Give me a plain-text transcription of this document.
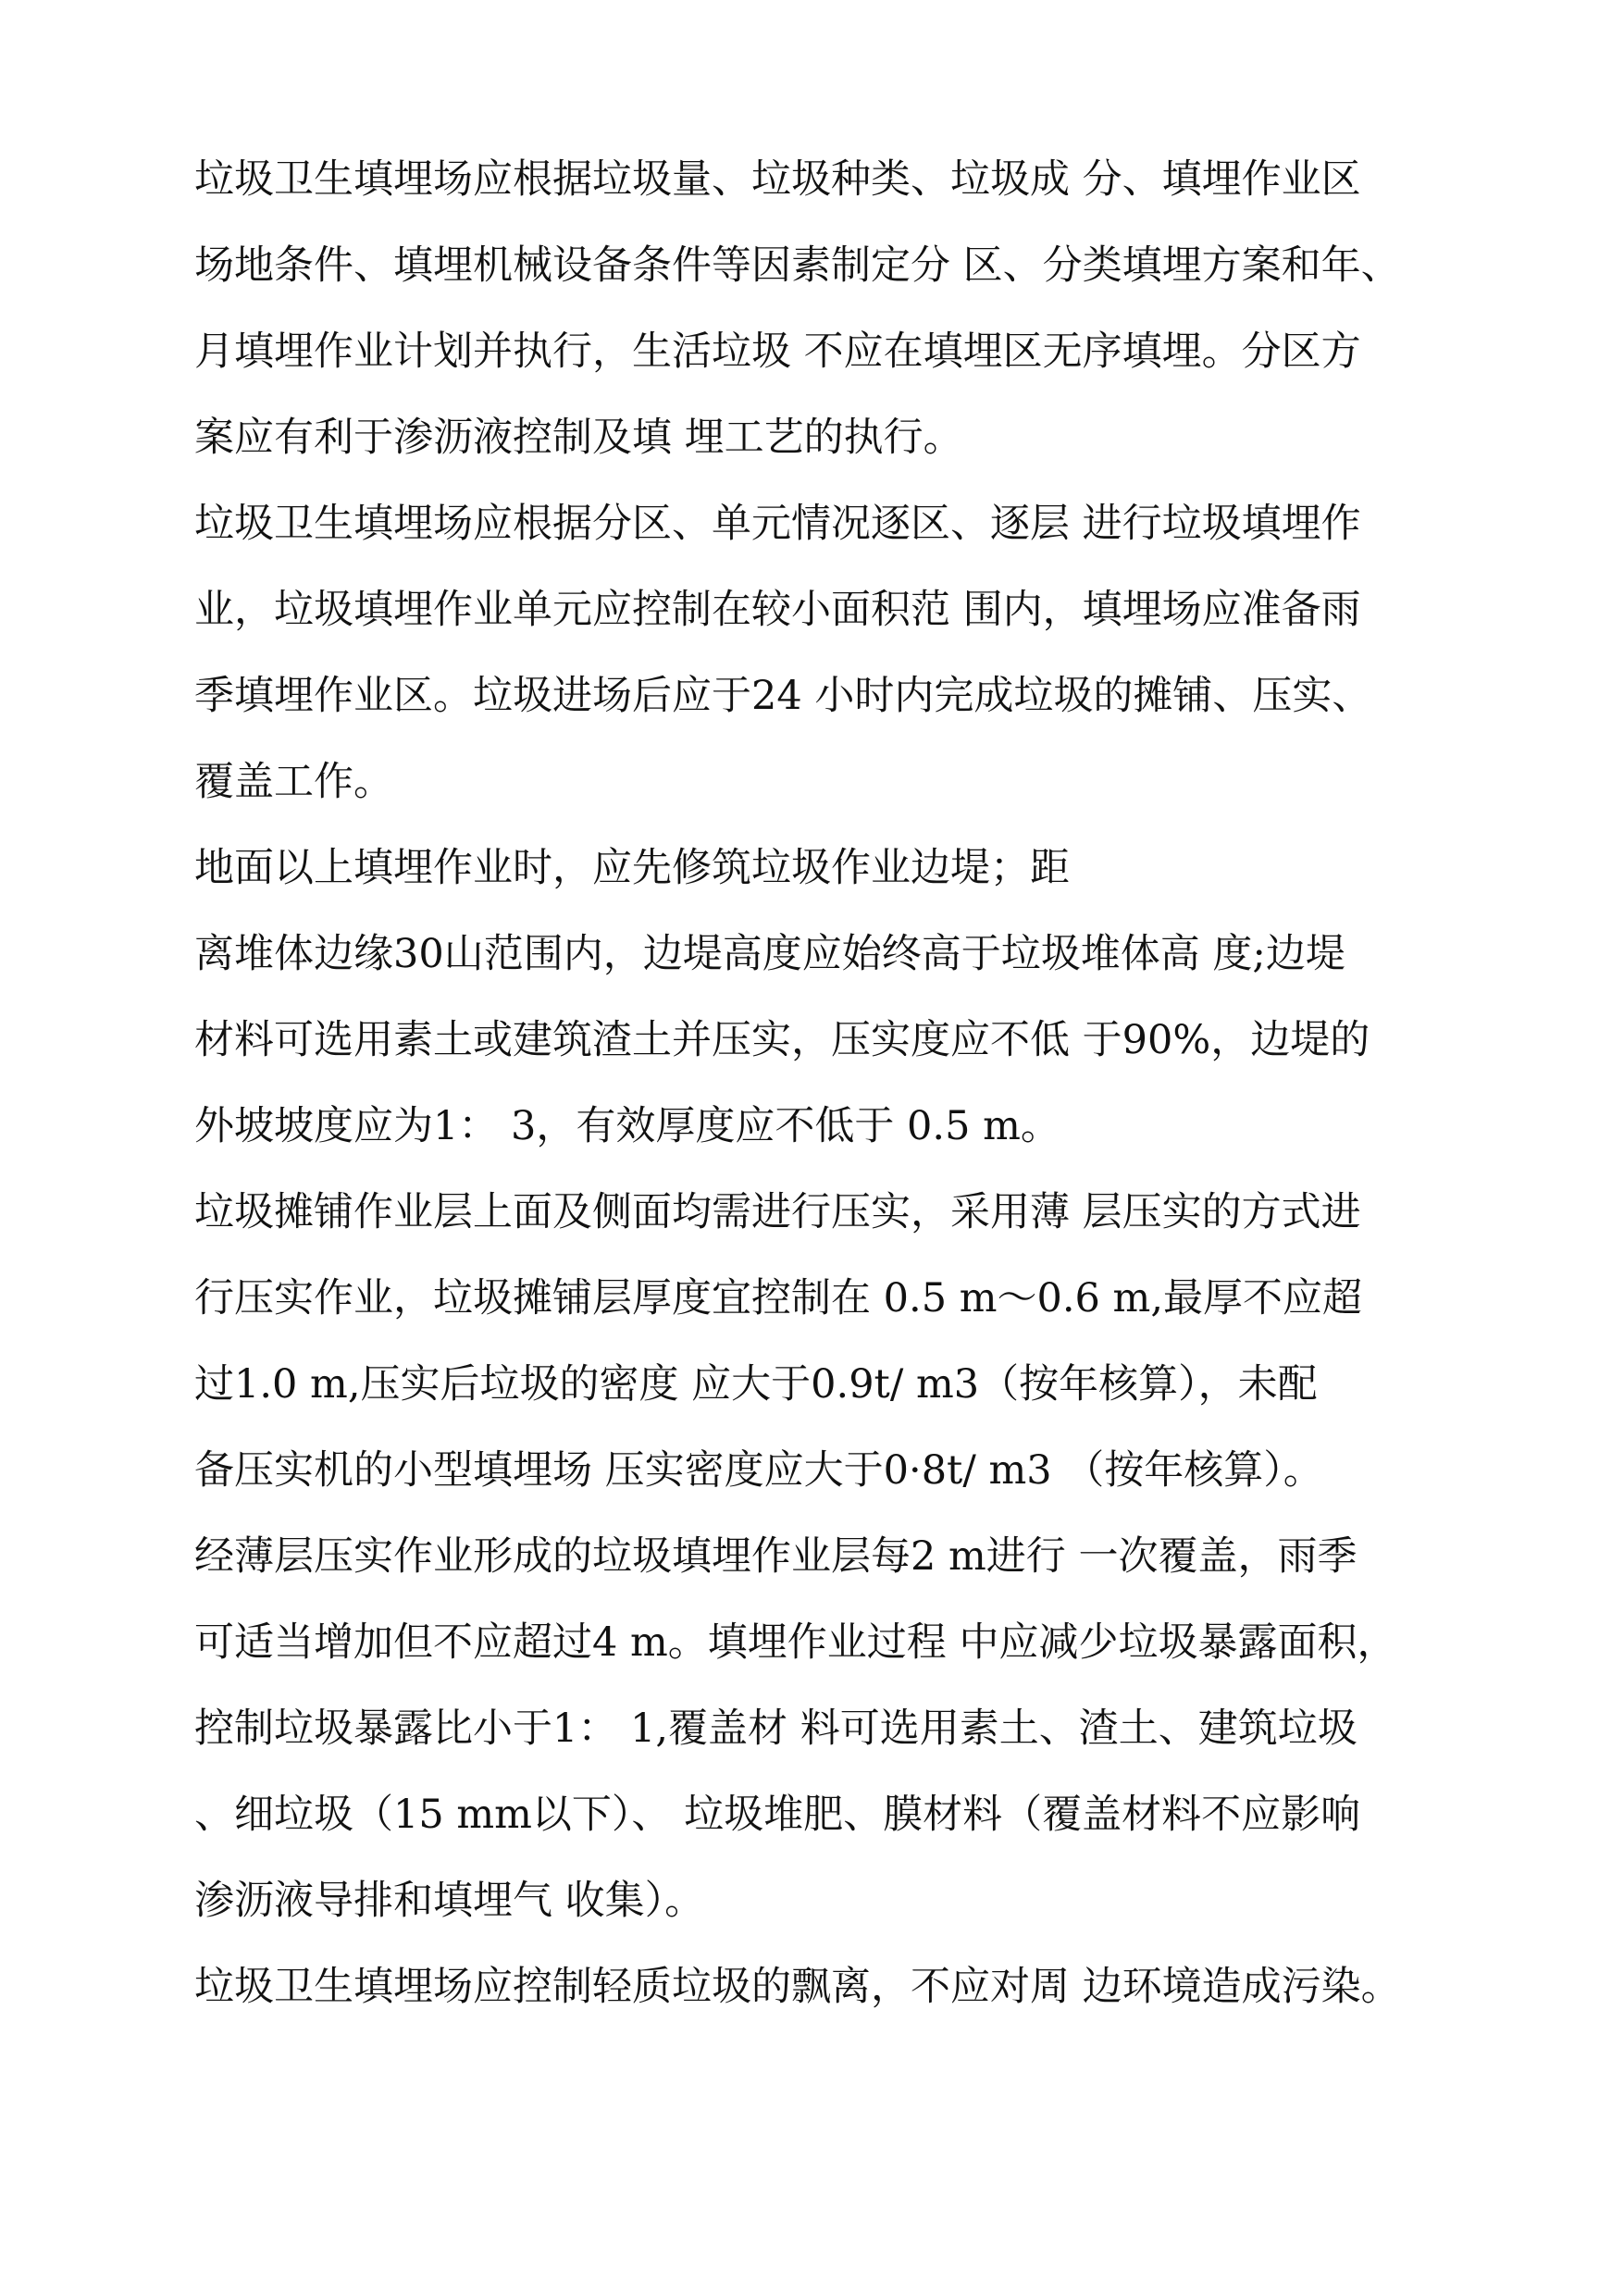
垃圾卫生填埋场应根据垃圾量、垃圾种类、垃圾成 分、填埋作业区
场地条件、填埋机械设备条件等因素制定分 区、分类填埋方案和年、
月填埋作业计划并执行，生活垃圾 不应在填埋区无序填埋。分区方
案应有利于渗沥液控制及填 埋工艺的执行。
垃圾卫生填埋场应根据分区、单元情况逐区、逐层 进行垃圾填埋作
业，垃圾填埋作业单元应控制在较小面积范 围内，填埋场应准备雨
季填埋作业区。垃圾进场后应于24 小时内完成垃圾的摊铺、压实、
覆盖工作。
地面以上填埋作业时，应先修筑垃圾作业边堤；距
离堆体边缘30山范围内，边堤高度应始终高于垃圾堆体高 度;边堤
材料可选用素土或建筑渣土并压实，压实度应不低 于90%，边堤的
外坡坡度应为1： 3，有效厚度应不低于 0.5 m。
垃圾摊铺作业层上面及侧面均需进行压实，采用薄 层压实的方式进
行压实作业，垃圾摊铺层厚度宜控制在 0.5 m〜0.6 m,最厚不应超
过1.0 m,压实后垃圾的密度 应大于0.9t/ m3（按年核算），未配
备压实机的小型填埋场 压实密度应大于0·8t/ m3 （按年核算）。
经薄层压实作业形成的垃圾填埋作业层每2 m进行 一次覆盖，雨季
可适当增加但不应超过4 m。填埋作业过程 中应减少垃圾暴露面积，
控制垃圾暴露比小于1： 1,覆盖材 料可选用素土、渣土、建筑垃圾
、细垃圾（15 mm以下）、 垃圾堆肥、膜材料（覆盖材料不应影响
渗沥液导排和填埋气 收集）。
垃圾卫生填埋场应控制轻质垃圾的飘离，不应对周 边环境造成污染。
